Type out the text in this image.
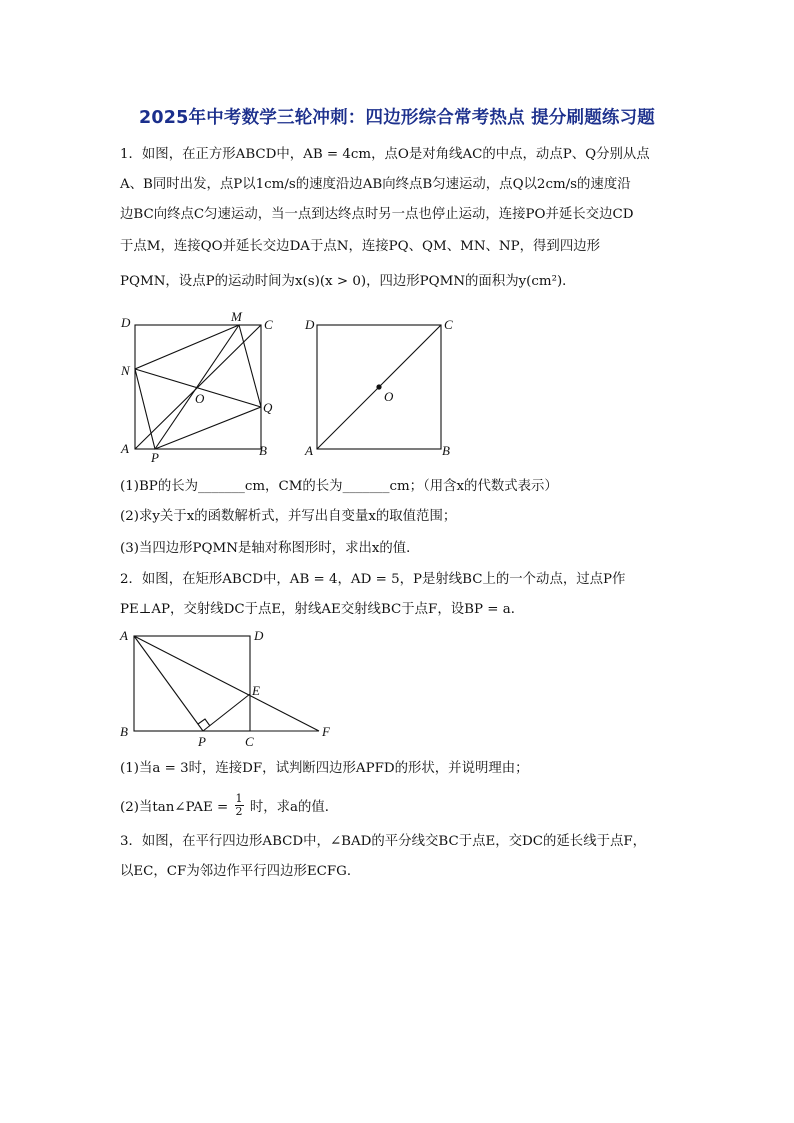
2025年中考数学三轮冲刺：四边形综合常考热点 提分刷题练习题
1．如图，在正方形ABCD中，AB = 4cm，点O是对角线AC的中点，动点P、Q分别从点
A、B同时出发，点P以1cm/s的速度沿边AB向终点B匀速运动，点Q以2cm/s的速度沿
边BC向终点C匀速运动，当一点到达终点时另一点也停止运动，连接PO并延长交边CD
于点M，连接QO并延长交边DA于点N，连接PQ、QM、MN、NP，得到四边形
PQMN，设点P的运动时间为x(s)(x > 0)，四边形PQMN的面积为y(cm²)．
D	M
C
N
O
Q
A
P	B
D	C
O
A	B
(1)BP的长为_______cm，CM的长为_______cm；（用含x的代数式表示）
(2)求y关于x的函数解析式，并写出自变量x的取值范围；
(3)当四边形PQMN是轴对称图形时，求出x的值．
2．如图，在矩形ABCD中，AB = 4，AD = 5，P是射线BC上的一个动点，过点P作
PE⊥AP，交射线DC于点E，射线AE交射线BC于点F，设BP = a．
A	D
E
B
P	C
F
(1)当a = 3时，连接DF，试判断四边形APFD的形状，并说明理由；
(2)当tan∠PAE = $\frac{1}{2}$ 时，求a的值．
3．如图，在平行四边形ABCD中，∠BAD的平分线交BC于点E，交DC的延长线于点F，
以EC，CF为邻边作平行四边形ECFG．
